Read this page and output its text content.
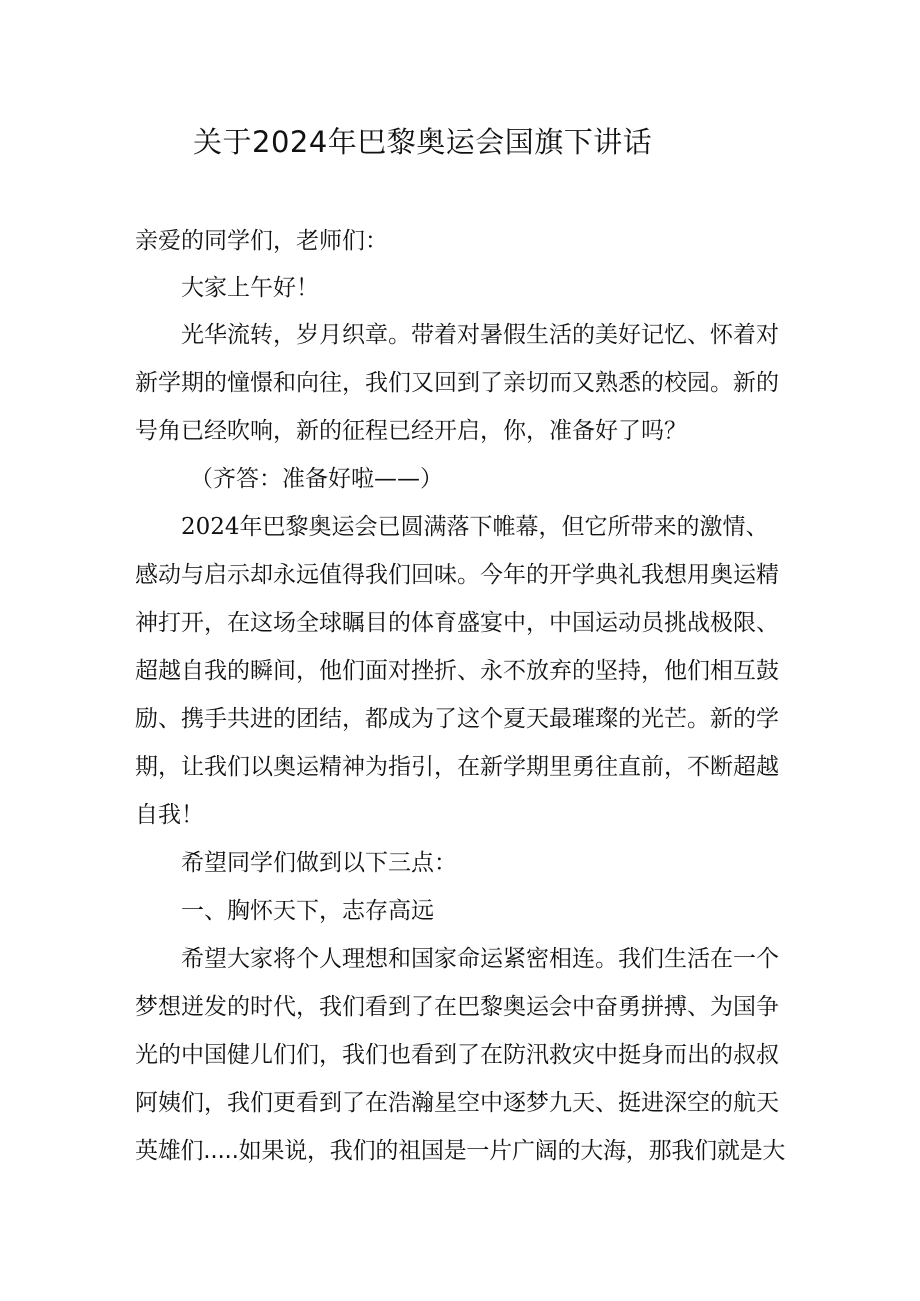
关于2024年巴黎奥运会国旗下讲话
亲爱的同学们，老师们：
大家上午好！
光华流转，岁月织章。带着对暑假生活的美好记忆、怀着对
新学期的憧憬和向往，我们又回到了亲切而又熟悉的校园。新的
号角已经吹响，新的征程已经开启，你，准备好了吗？
（齐答：准备好啦——）
2024年巴黎奥运会已圆满落下帷幕，但它所带来的激情、
感动与启示却永远值得我们回味。今年的开学典礼我想用奥运精
神打开，在这场全球瞩目的体育盛宴中，中国运动员挑战极限、
超越自我的瞬间，他们面对挫折、永不放弃的坚持，他们相互鼓
励、携手共进的团结，都成为了这个夏天最璀璨的光芒。新的学
期，让我们以奥运精神为指引，在新学期里勇往直前，不断超越
自我！
希望同学们做到以下三点：
一、胸怀天下，志存高远
希望大家将个人理想和国家命运紧密相连。我们生活在一个
梦想迸发的时代，我们看到了在巴黎奥运会中奋勇拼搏、为国争
光的中国健儿们们，我们也看到了在防汛救灾中挺身而出的叔叔
阿姨们，我们更看到了在浩瀚星空中逐梦九天、挺进深空的航天
英雄们.....如果说，我们的祖国是一片广阔的大海，那我们就是大
